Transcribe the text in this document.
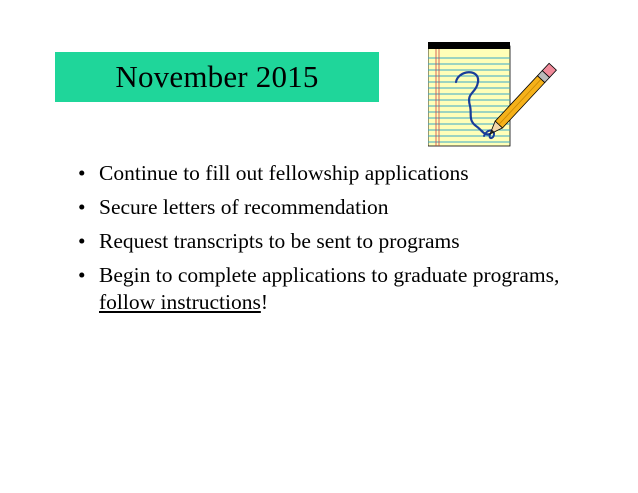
November 2015
• Continue to fill out fellowship applications
• Secure letters of recommendation
• Request transcripts to be sent to programs
• Begin to complete applications to graduate programs, follow instructions!
